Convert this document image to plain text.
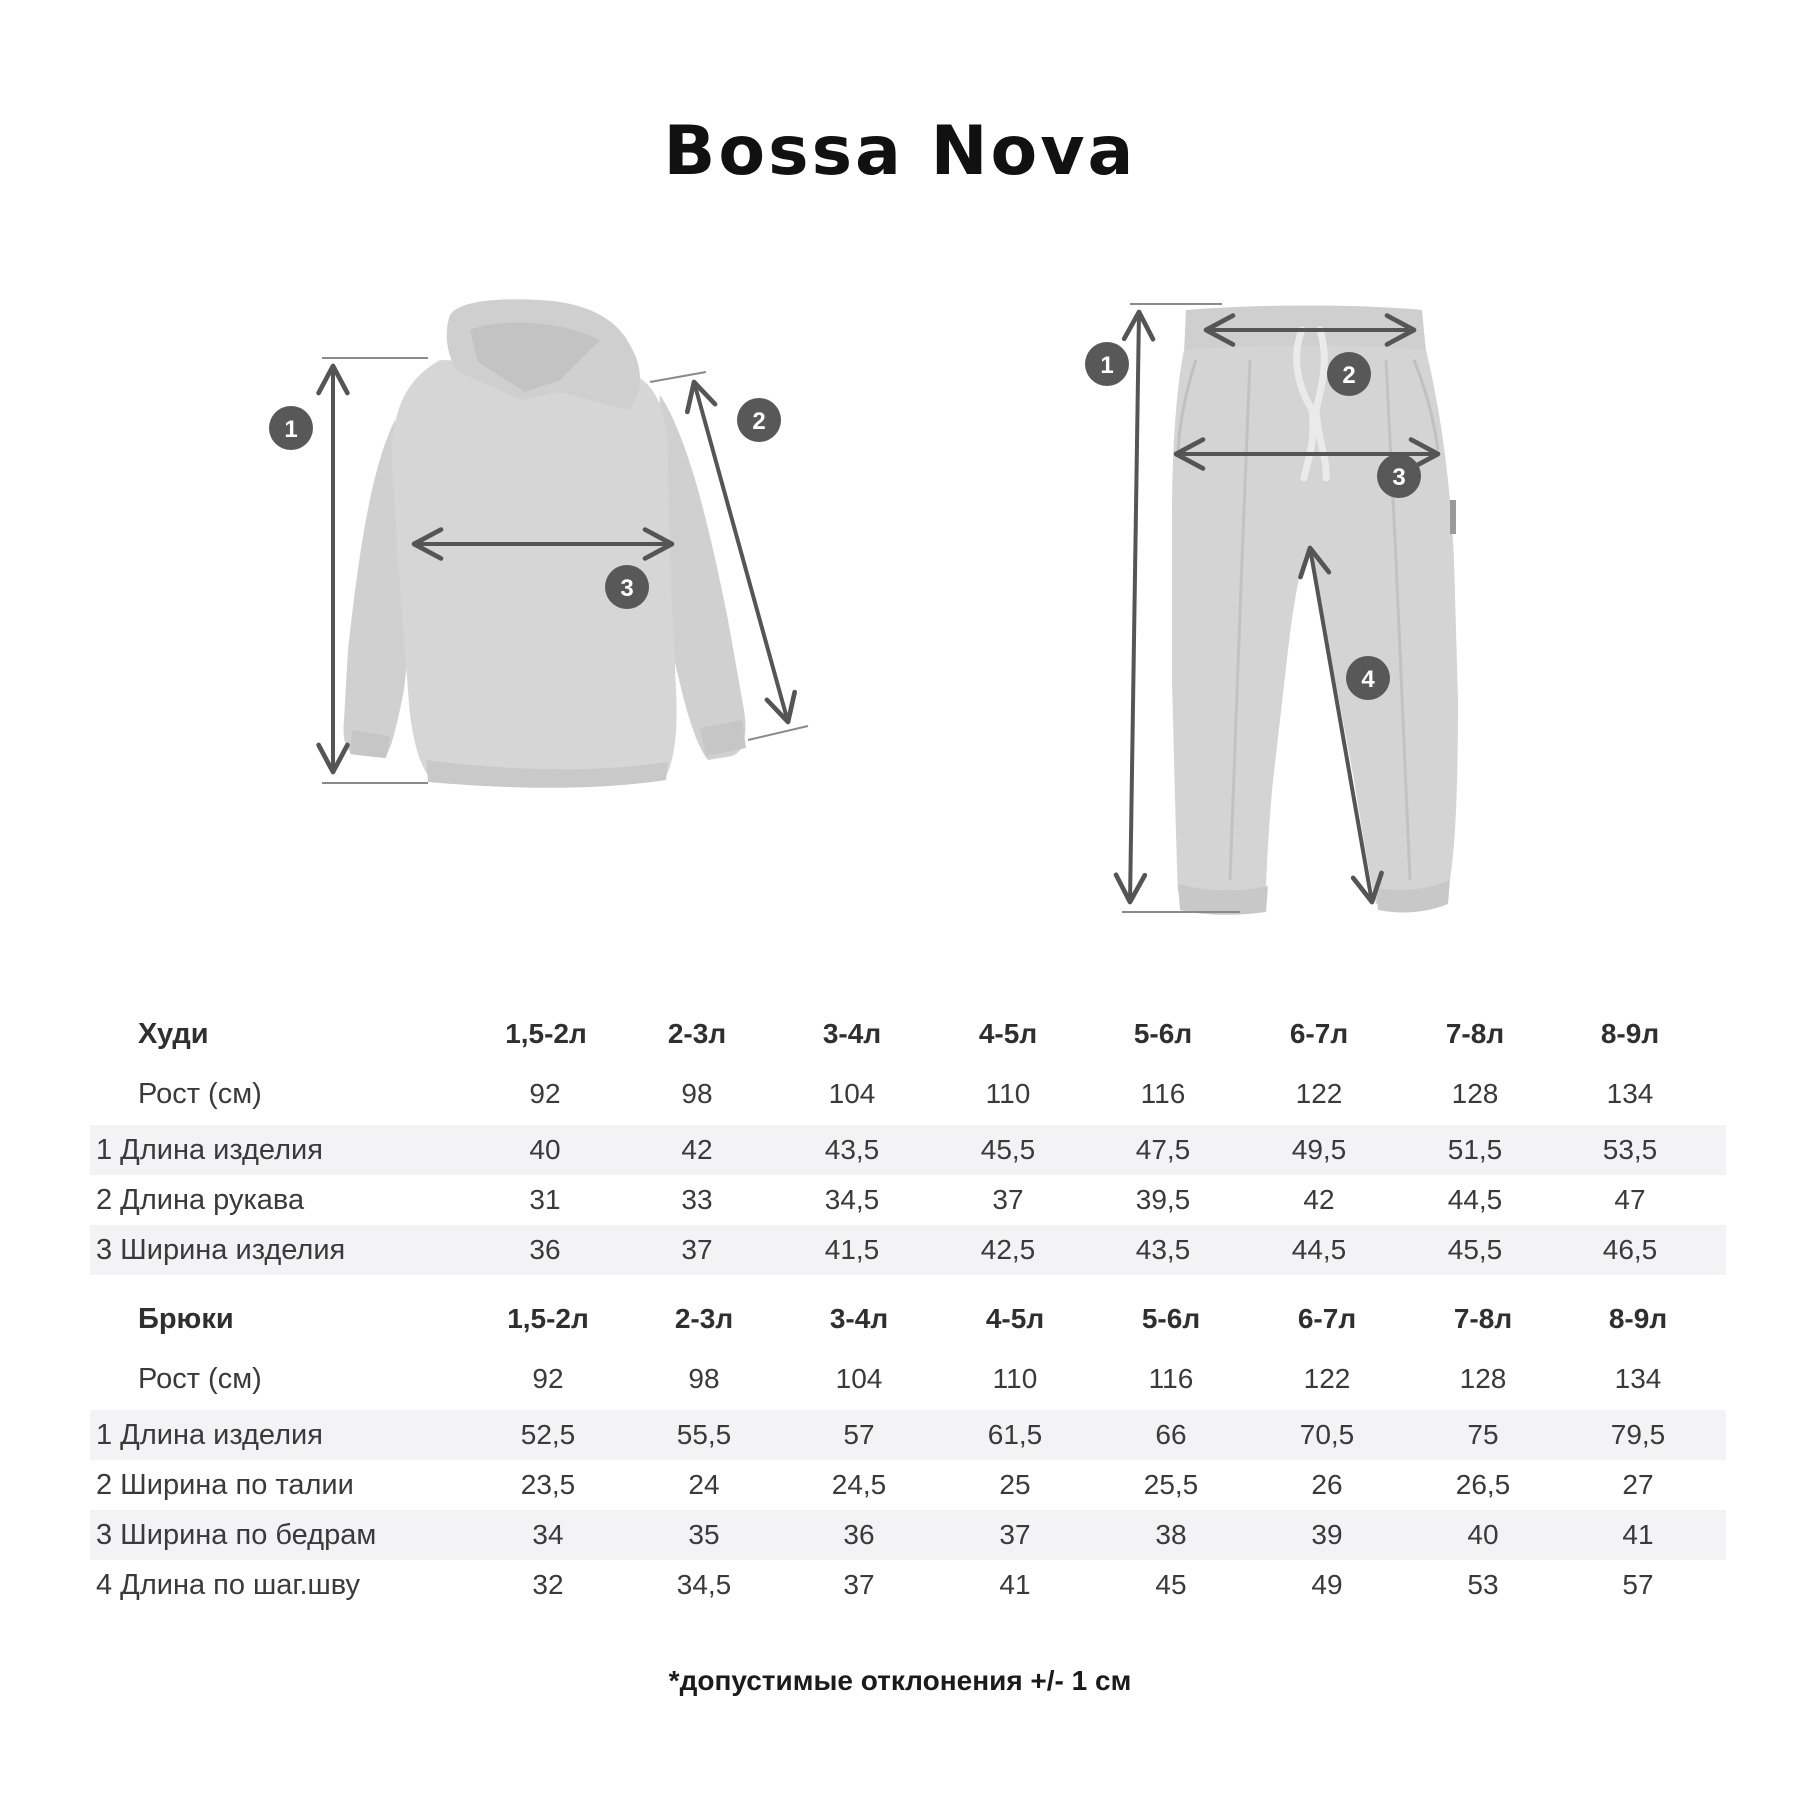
Bossa Nova
1	2
3
1	2
3
4
Худи	1,5-2л	2-3л	3-4л	4-5л	5-6л	6-7л	7-8л	8-9л
Рост (см)	92	98	104	110	116	122	128	134
1 Длина изделия	40	42	43,5	45,5	47,5	49,5	51,5	53,5
2 Длина рукава	31	33	34,5	37	39,5	42	44,5	47
3 Ширина изделия	36	37	41,5	42,5	43,5	44,5	45,5	46,5
Брюки	1,5-2л	2-3л	3-4л	4-5л	5-6л	6-7л	7-8л	8-9л
Рост (см)	92	98	104	110	116	122	128	134
1 Длина изделия	52,5	55,5	57	61,5	66	70,5	75	79,5
2 Ширина по талии	23,5	24	24,5	25	25,5	26	26,5	27
3 Ширина по бедрам	34	35	36	37	38	39	40	41
4 Длина по шаг.шву	32	34,5	37	41	45	49	53	57
*допустимые отклонения +/- 1 см
